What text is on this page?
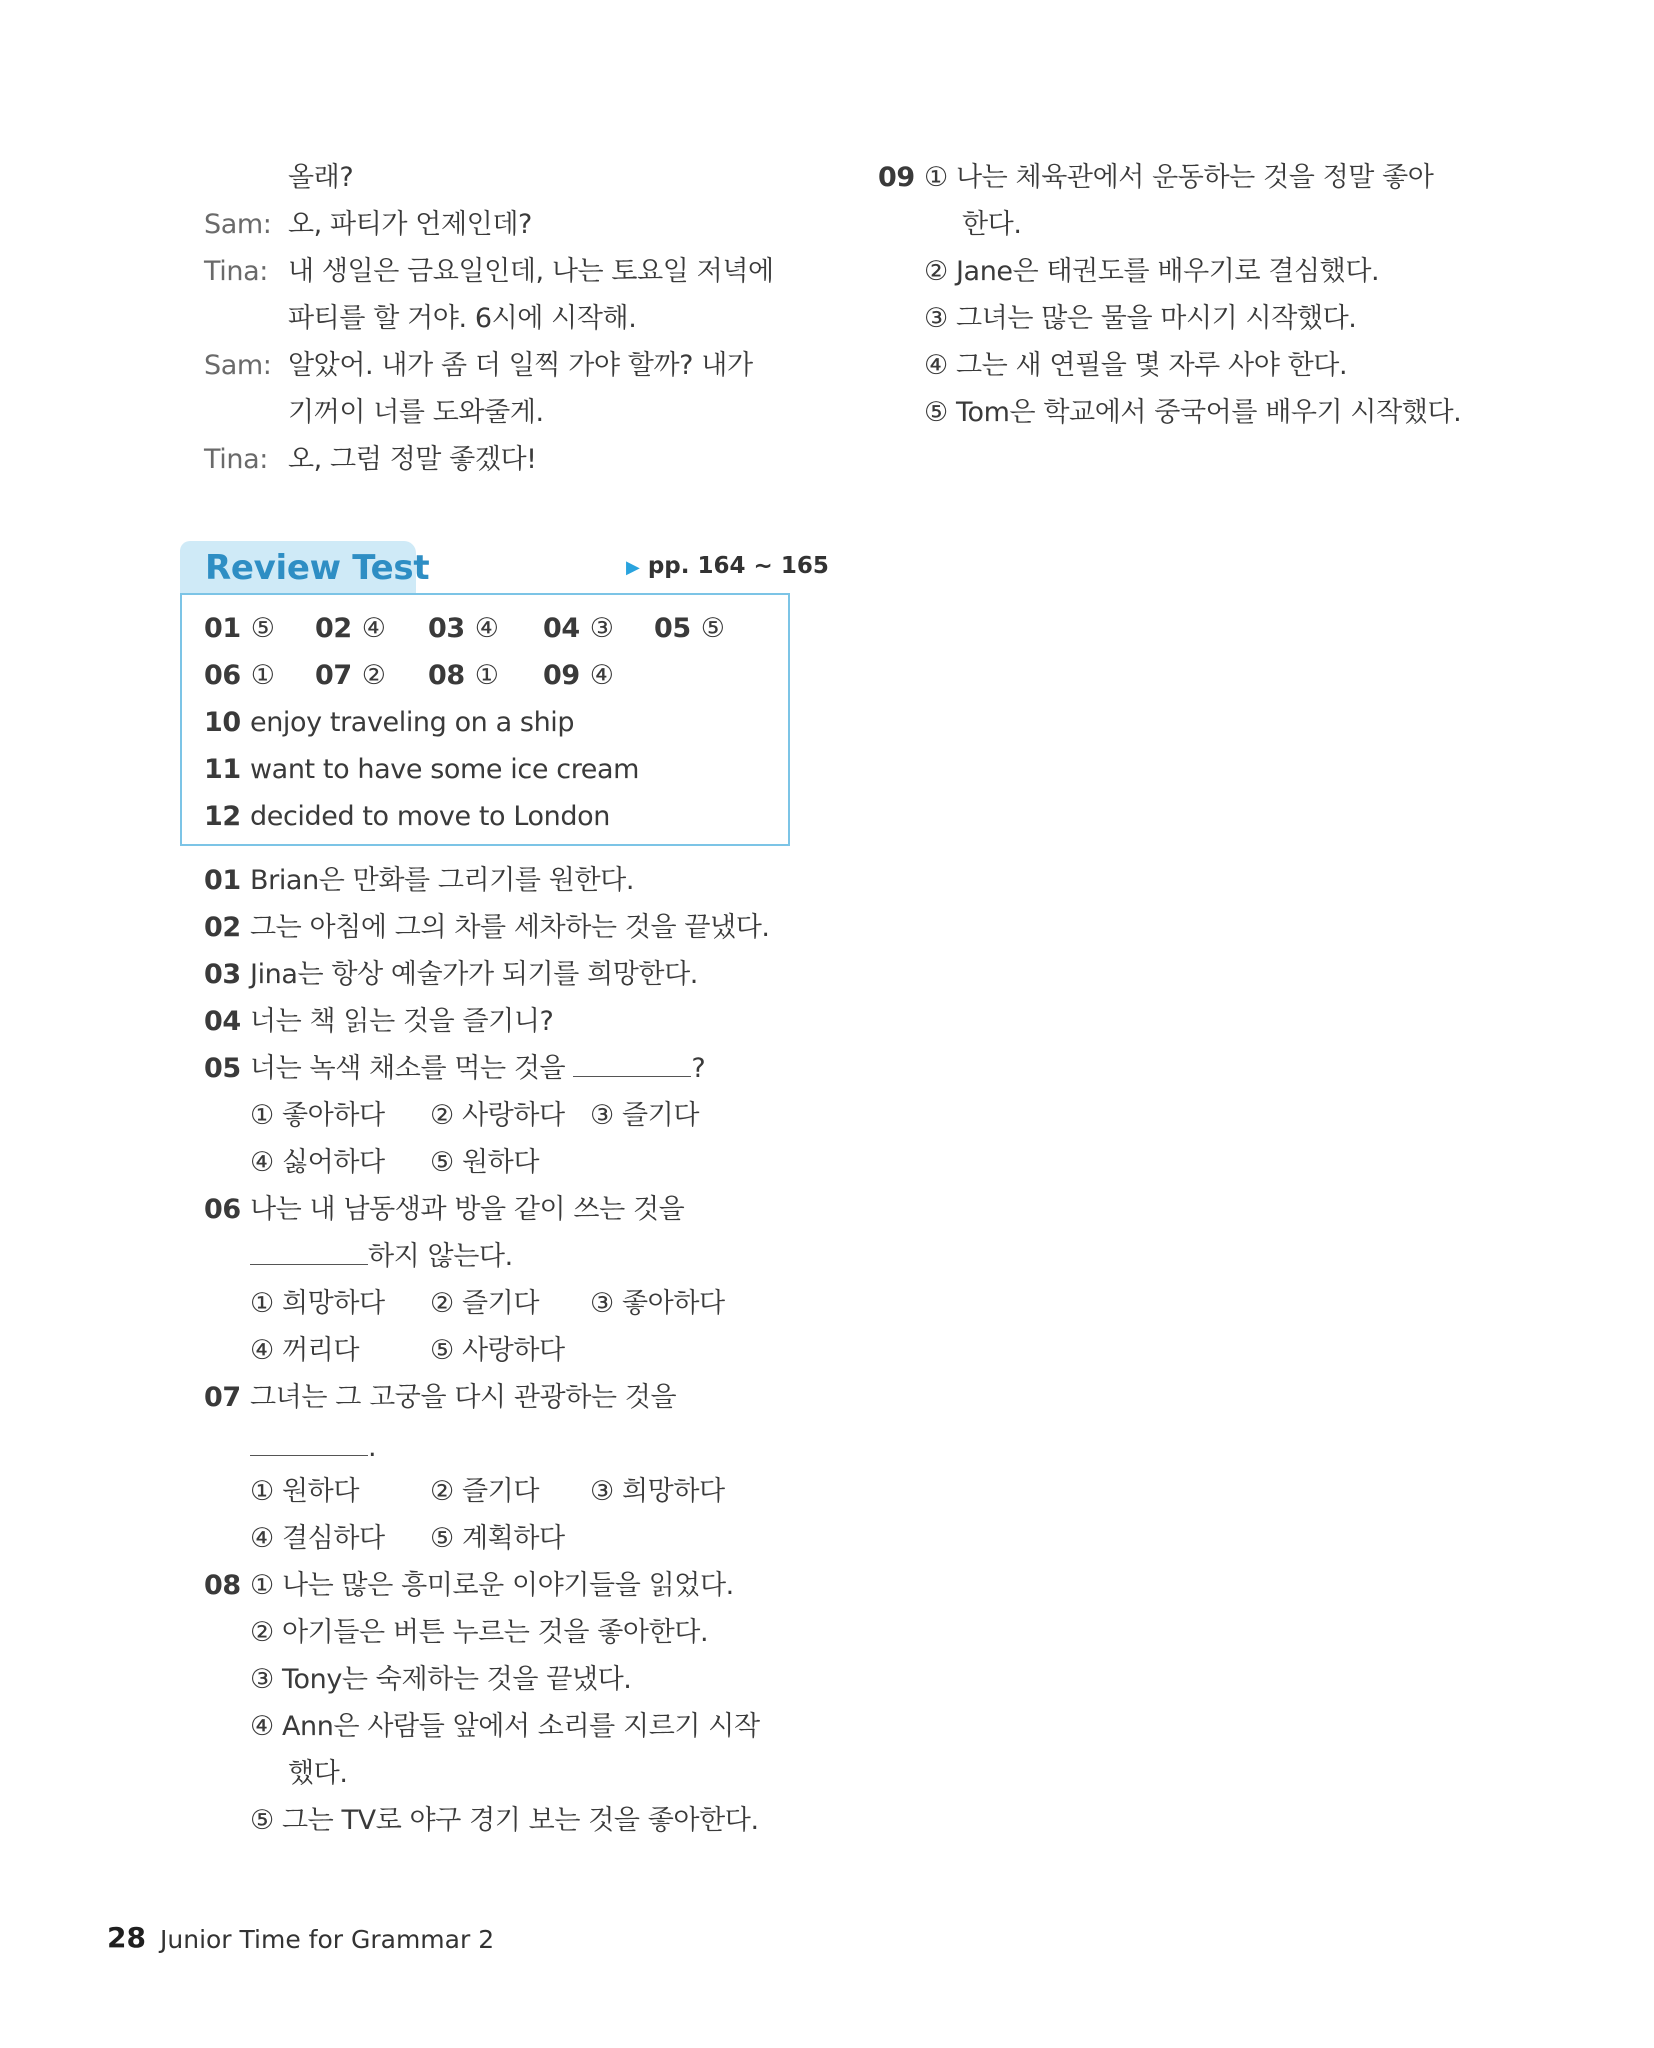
올래?
Sam: 오, 파티가 언제인데?
Tina: 내 생일은 금요일인데, 나는 토요일 저녁에
파티를 할 거야. 6시에 시작해.
Sam: 알았어. 내가 좀 더 일찍 가야 할까? 내가
기꺼이 너를 도와줄게.
Tina: 오, 그럼 정말 좋겠다!
Review Test	▶ pp. 164 ~ 165
01 ⑤ 02 ④ 03 ④ 04 ③ 05 ⑤
06 ① 07 ② 08 ① 09 ④
10 enjoy traveling on a ship
11 want to have some ice cream
12 decided to move to London
01 Brian은 만화를 그리기를 원한다.
02 그는 아침에 그의 차를 세차하는 것을 끝냈다.
03 Jina는 항상 예술가가 되기를 희망한다.
04 너는 책 읽는 것을 즐기니?
05 너는 녹색 채소를 먹는 것을	?
① 좋아하다 ② 사랑하다 ③ 즐기다
④ 싫어하다 ⑤ 원하다
06 나는 내 남동생과 방을 같이 쓰는 것을
하지 않는다.
① 희망하다 ② 즐기다 ③ 좋아하다
④ 꺼리다	⑤ 사랑하다
07 그녀는 그 고궁을 다시 관광하는 것을
.
① 원하다	② 즐기다 ③ 희망하다
④ 결심하다 ⑤ 계획하다
08 ① 나는 많은 흥미로운 이야기들을 읽었다.
② 아기들은 버튼 누르는 것을 좋아한다.
③ Tony는 숙제하는 것을 끝냈다.
④ Ann은 사람들 앞에서 소리를 지르기 시작
했다.
⑤ 그는 TV로 야구 경기 보는 것을 좋아한다.
09 ① 나는 체육관에서 운동하는 것을 정말 좋아
한다.
② Jane은 태권도를 배우기로 결심했다.
③ 그녀는 많은 물을 마시기 시작했다.
④ 그는 새 연필을 몇 자루 사야 한다.
⑤ Tom은 학교에서 중국어를 배우기 시작했다.
28 Junior Time for Grammar 2
